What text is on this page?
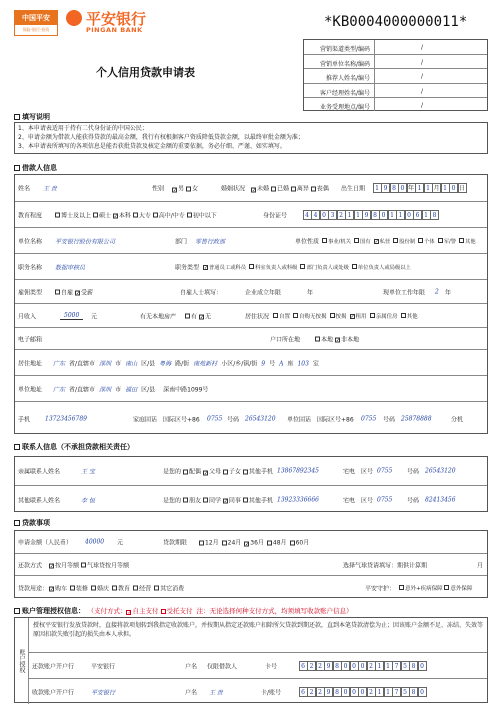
中国平安
保险·银行·投资
平安银行
PINGAN BANK	*KB0004000000011*
个人信用贷款申请表
营销渠道类型/编码	/
营销单位名称/编码	/
推荐人姓名/编号	/
客户经理姓名/编号	/
业务受理地点/编号	/
填写说明
1、本申请表适用于持有二代身份证的中国公民；
2、申请金额为借款人能获得贷款的最高金额，我行有权根据客户资质降低贷款金额，以最终审批金额为准；
3、本申请表所填写的各项信息是能否获批贷款及核定金额的重要依据，务必仔细、严谨、如实填写。
借款人信息
姓名 王 贵	性别 ✓男 女	婚姻状况 ✓未婚 已婚 离异 丧偶 出生日期	1 9 8 0 年 1 1 月 1 0 日
教育程度	博士及以上 硕士 ✓本科 大专 高中/中专 初中以下	身份证号	4 4 0 3 2 1 1 9 8 0 1 1 0 6 1 8
单位名称 平安银行股份有限公司	部门 零售行政部	单位性质	事业/机关 国有 ✓私营 股份制 个体 军/警 其他
职务名称 数据审核员	职务类型 ✓普通员工或科员 科室负责人或科级 部门负责人或处级 单位负责人或局级以上
雇佣类型	自雇 ✓受薪	自雇人士填写：	企业成立年限	年	现单位工作年限 2 年
月收入	5000	元	有无本地房产	有 ✓无	居住状况	自置 自购无按揭 按揭 ✓租用 亲属住房 其他
电子邮箱	户口所在地	本地 ✓非本地
居住地址 广东 省/直辖市 深圳 市 南山 区/县 粤海 路/街 南苑新村 小区/乡/镇/街 9 号 A 座 103 室
单位地址 广东 省/直辖市 深圳 市 福田 区/县 深南中路1099号
手机 13723456789	家庭固话 国际区号+86 0755 号码 26543120 单位固话 国际区号+86 0755 号码 25878888	分机
联系人信息（不承担贷款相关责任）
亲属联系人姓名	王 宝	是您的	配偶 ✓父母 子女 其他 手机 13867892345	宅电 区号 0755 号码 26543120
其他联系人姓名	李 恒	是您的	朋友 同学 ✓同事 其他 手机 13923336666	宅电 区号 0755 号码 82413456
贷款事项
申请金额（人民币） 40000 元	贷款期限	12月 24月 ✓36月 48月 60月
还款方式 ✓按月等额 气球贷按月等额	选择气球贷请填写：期供计算期	月
贷款用途： ✓购车 装修 婚庆 教育 经营 其它消费	平安守护：	意外+疾病保障 意外保障
账户管理授权信息： （支付方式：✓自主支付 受托支付 注：无论选择何种支付方式，均须填写收款账户信息）
账户授权
授权平安银行发放贷款时，直接将款项划转到我指定收款账户，并按期从指定还款账户扣除所欠贷款到期还款，直到本笔贷款清偿为止；因该账户金额不足、冻结、失效等原因扣款失败引起的损失由本人承担。
还款账户开户行	平安银行	户名 仅限借款人	卡号	6 2 2 9 8 0 0 0 2 1 1 7 5 8 0
收款账户开户行	平安银行	户名 王 贵	卡/账号	6 2 2 9 8 0 0 0 2 1 1 7 5 8 0
